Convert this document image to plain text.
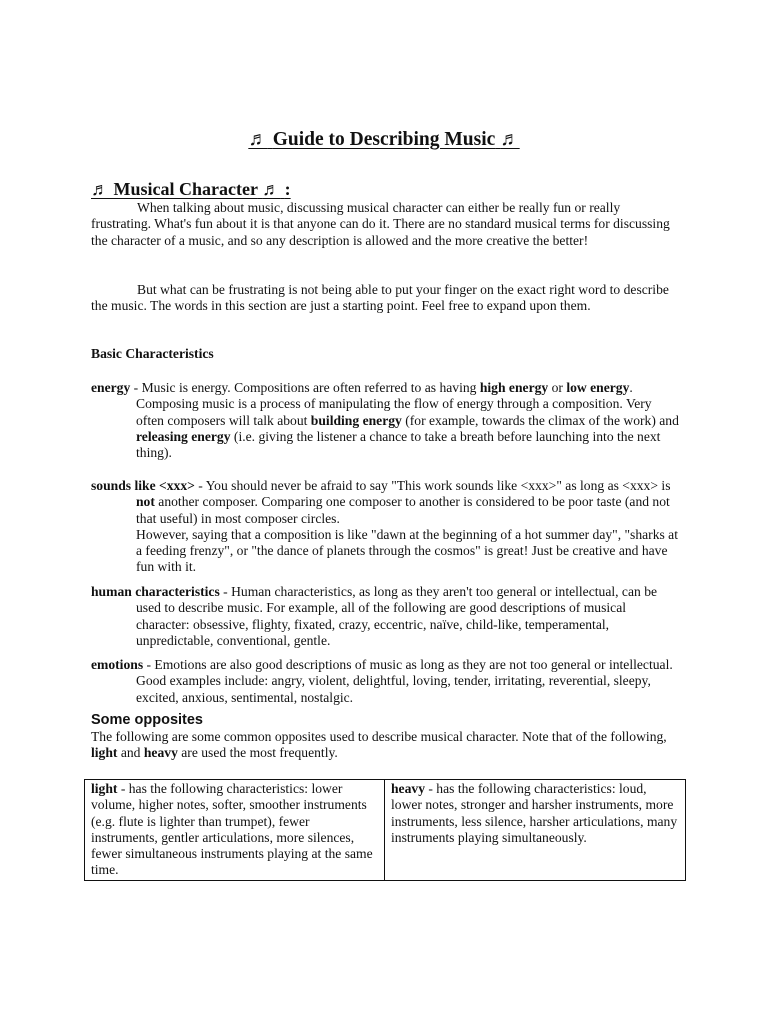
♬ Guide to Describing Music ♬
♬ Musical Character ♬ :

When talking about music, discussing musical character can either be really fun or really frustrating. What's fun about it is that anyone can do it. There are no standard musical terms for discussing the character of a music, and so any description is allowed and the more creative the better!

But what can be frustrating is not being able to put your finger on the exact right word to describe the music. The words in this section are just a starting point. Feel free to expand upon them.

Basic Characteristics

energy - Music is energy. Compositions are often referred to as having high energy or low energy. Composing music is a process of manipulating the flow of energy through a composition. Very often composers will talk about building energy (for example, towards the climax of the work) and releasing energy (i.e. giving the listener a chance to take a breath before launching into the next thing).

sounds like <xxx> - You should never be afraid to say "This work sounds like <xxx>" as long as <xxx> is not another composer. Comparing one composer to another is considered to be poor taste (and not that useful) in most composer circles.

However, saying that a composition is like "dawn at the beginning of a hot summer day", "sharks at a feeding frenzy", or "the dance of planets through the cosmos" is great! Just be creative and have fun with it.

human characteristics - Human characteristics, as long as they aren't too general or intellectual, can be used to describe music. For example, all of the following are good descriptions of musical character: obsessive, flighty, fixated, crazy, eccentric, naïve, child-like, temperamental, unpredictable, conventional, gentle.

emotions - Emotions are also good descriptions of music as long as they are not too general or intellectual. Good examples include: angry, violent, delightful, loving, tender, irritating, reverential, sleepy, excited, anxious, sentimental, nostalgic.

Some opposites

The following are some common opposites used to describe musical character. Note that of the following, light and heavy are used the most frequently.

light - has the following characteristics: lower volume, higher notes, softer, smoother instruments (e.g. flute is lighter than trumpet), fewer instruments, gentler articulations, more silences, fewer simultaneous instruments playing at the same time.	heavy - has the following characteristics: loud, lower notes, stronger and harsher instruments, more instruments, less silence, harsher articulations, many instruments playing simultaneously.
